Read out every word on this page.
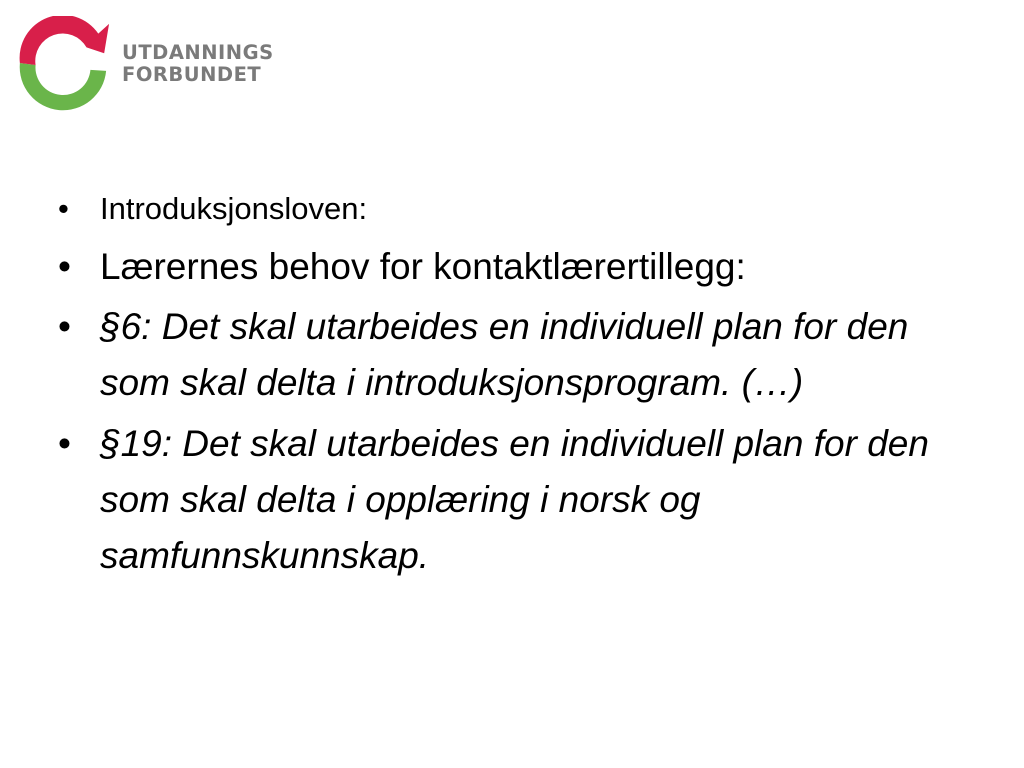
UTDANNINGS
FORBUNDET
• Introduksjonsloven:
• Lærernes behov for kontaktlærertillegg:
• §6: Det skal utarbeides en individuell plan for den som skal delta i introduksjonsprogram. (…)
• §19: Det skal utarbeides en individuell plan for den som skal delta i opplæring i norsk og samfunnskunnskap.
